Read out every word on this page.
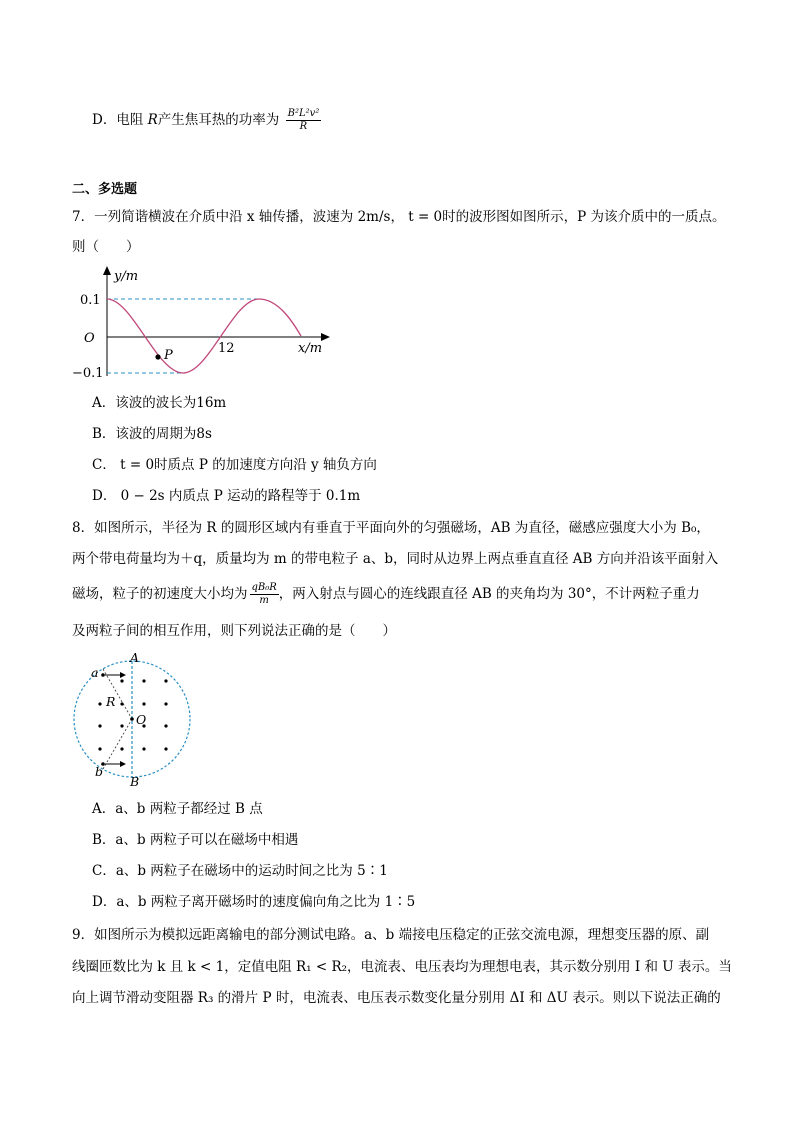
D．电阻 R产生焦耳热的功率为 $\frac{\text{B²L²v²}}{R}$
二、多选题
7．一列简谐横波在介质中沿 x 轴传播，波速为 2m/s， t = 0时的波形图如图所示，P 为该介质中的一质点。
则（　　）
y/m
0.1
O
−0.1
12	x/m
P
A．该波的波长为16m
B．该波的周期为8s
C． t = 0时质点 P 的加速度方向沿 y 轴负方向
D． 0 − 2s 内质点 P 运动的路程等于 0.1m
8．如图所示，半径为 R 的圆形区域内有垂直于平面向外的匀强磁场，AB 为直径，磁感应强度大小为 B₀，
两个带电荷量均为＋q，质量均为 m 的带电粒子 a、b，同时从边界上两点垂直直径 AB 方向并沿该平面射入
磁场，粒子的初速度大小均为 $\frac{\text{qB₀R}}{m}$ ，两入射点与圆心的连线跟直径 AB 的夹角均为 30°，不计两粒子重力
及两粒子间的相互作用，则下列说法正确的是（　　）
A
B
O
R
a
b
A．a、b 两粒子都经过 B 点
B．a、b 两粒子可以在磁场中相遇
C．a、b 两粒子在磁场中的运动时间之比为 5∶1
D．a、b 两粒子离开磁场时的速度偏向角之比为 1∶5
9．如图所示为模拟远距离输电的部分测试电路。a、b 端接电压稳定的正弦交流电源，理想变压器的原、副
线圈匝数比为 k 且 k < 1，定值电阻 R₁ < R₂，电流表、电压表均为理想电表，其示数分别用 I 和 U 表示。当
向上调节滑动变阻器 R₃ 的滑片 P 时，电流表、电压表示数变化量分别用 ΔI 和 ΔU 表示。则以下说法正确的
